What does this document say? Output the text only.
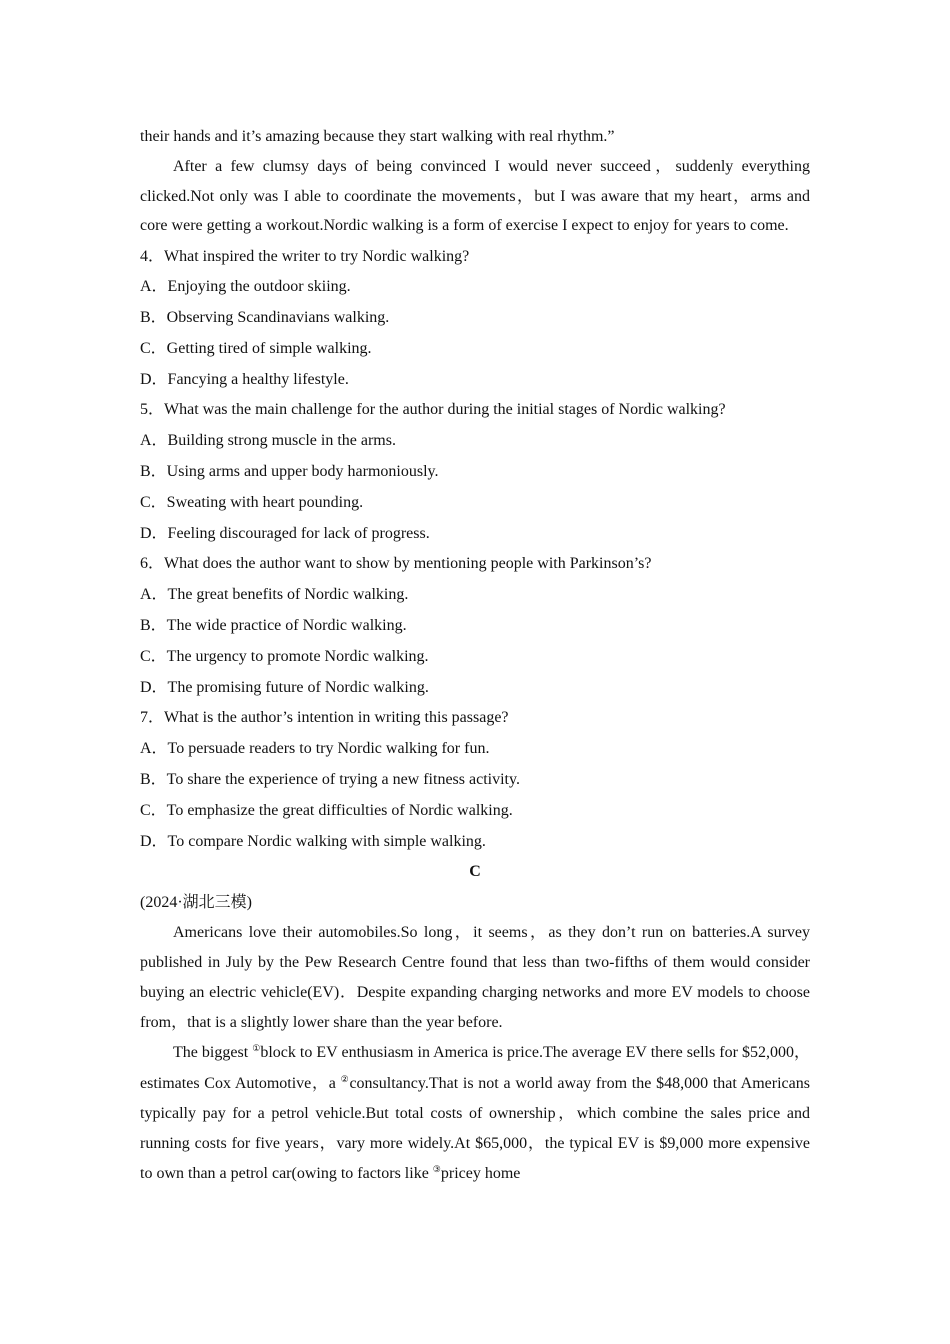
their hands and it’s amazing because they start walking with real rhythm.”

After a few clumsy days of being convinced I would never succeed，suddenly everything clicked.Not only was I able to coordinate the movements，but I was aware that my heart，arms and core were getting a workout.Nordic walking is a form of exercise I expect to enjoy for years to come.

4．What inspired the writer to try Nordic walking?

A．Enjoying the outdoor skiing.

B．Observing Scandinavians walking.

C．Getting tired of simple walking.

D．Fancying a healthy lifestyle.

5．What was the main challenge for the author during the initial stages of Nordic walking?

A．Building strong muscle in the arms.

B．Using arms and upper body harmoniously.

C．Sweating with heart pounding.

D．Feeling discouraged for lack of progress.

6．What does the author want to show by mentioning people with Parkinson’s?

A．The great benefits of Nordic walking.

B．The wide practice of Nordic walking.

C．The urgency to promote Nordic walking.

D．The promising future of Nordic walking.

7．What is the author’s intention in writing this passage?

A．To persuade readers to try Nordic walking for fun.

B．To share the experience of trying a new fitness activity.

C．To emphasize the great difficulties of Nordic walking.

D．To compare Nordic walking with simple walking.

C

(2024·湖北三模)

Americans love their automobiles.So long，it seems，as they don’t run on batteries.A survey published in July by the Pew Research Centre found that less than two-fifths of them would consider buying an electric vehicle(EV)．Despite expanding charging networks and more EV models to choose from，that is a slightly lower share than the year before.

The biggest ①block to EV enthusiasm in America is price.The average EV there sells for $52,000，estimates Cox Automotive，a ②consultancy.That is not a world away from the $48,000 that Americans typically pay for a petrol vehicle.But total costs of ownership，which combine the sales price and running costs for five years，vary more widely.At $65,000，the typical EV is $9,000 more expensive to own than a petrol car(owing to factors like ③pricey home
